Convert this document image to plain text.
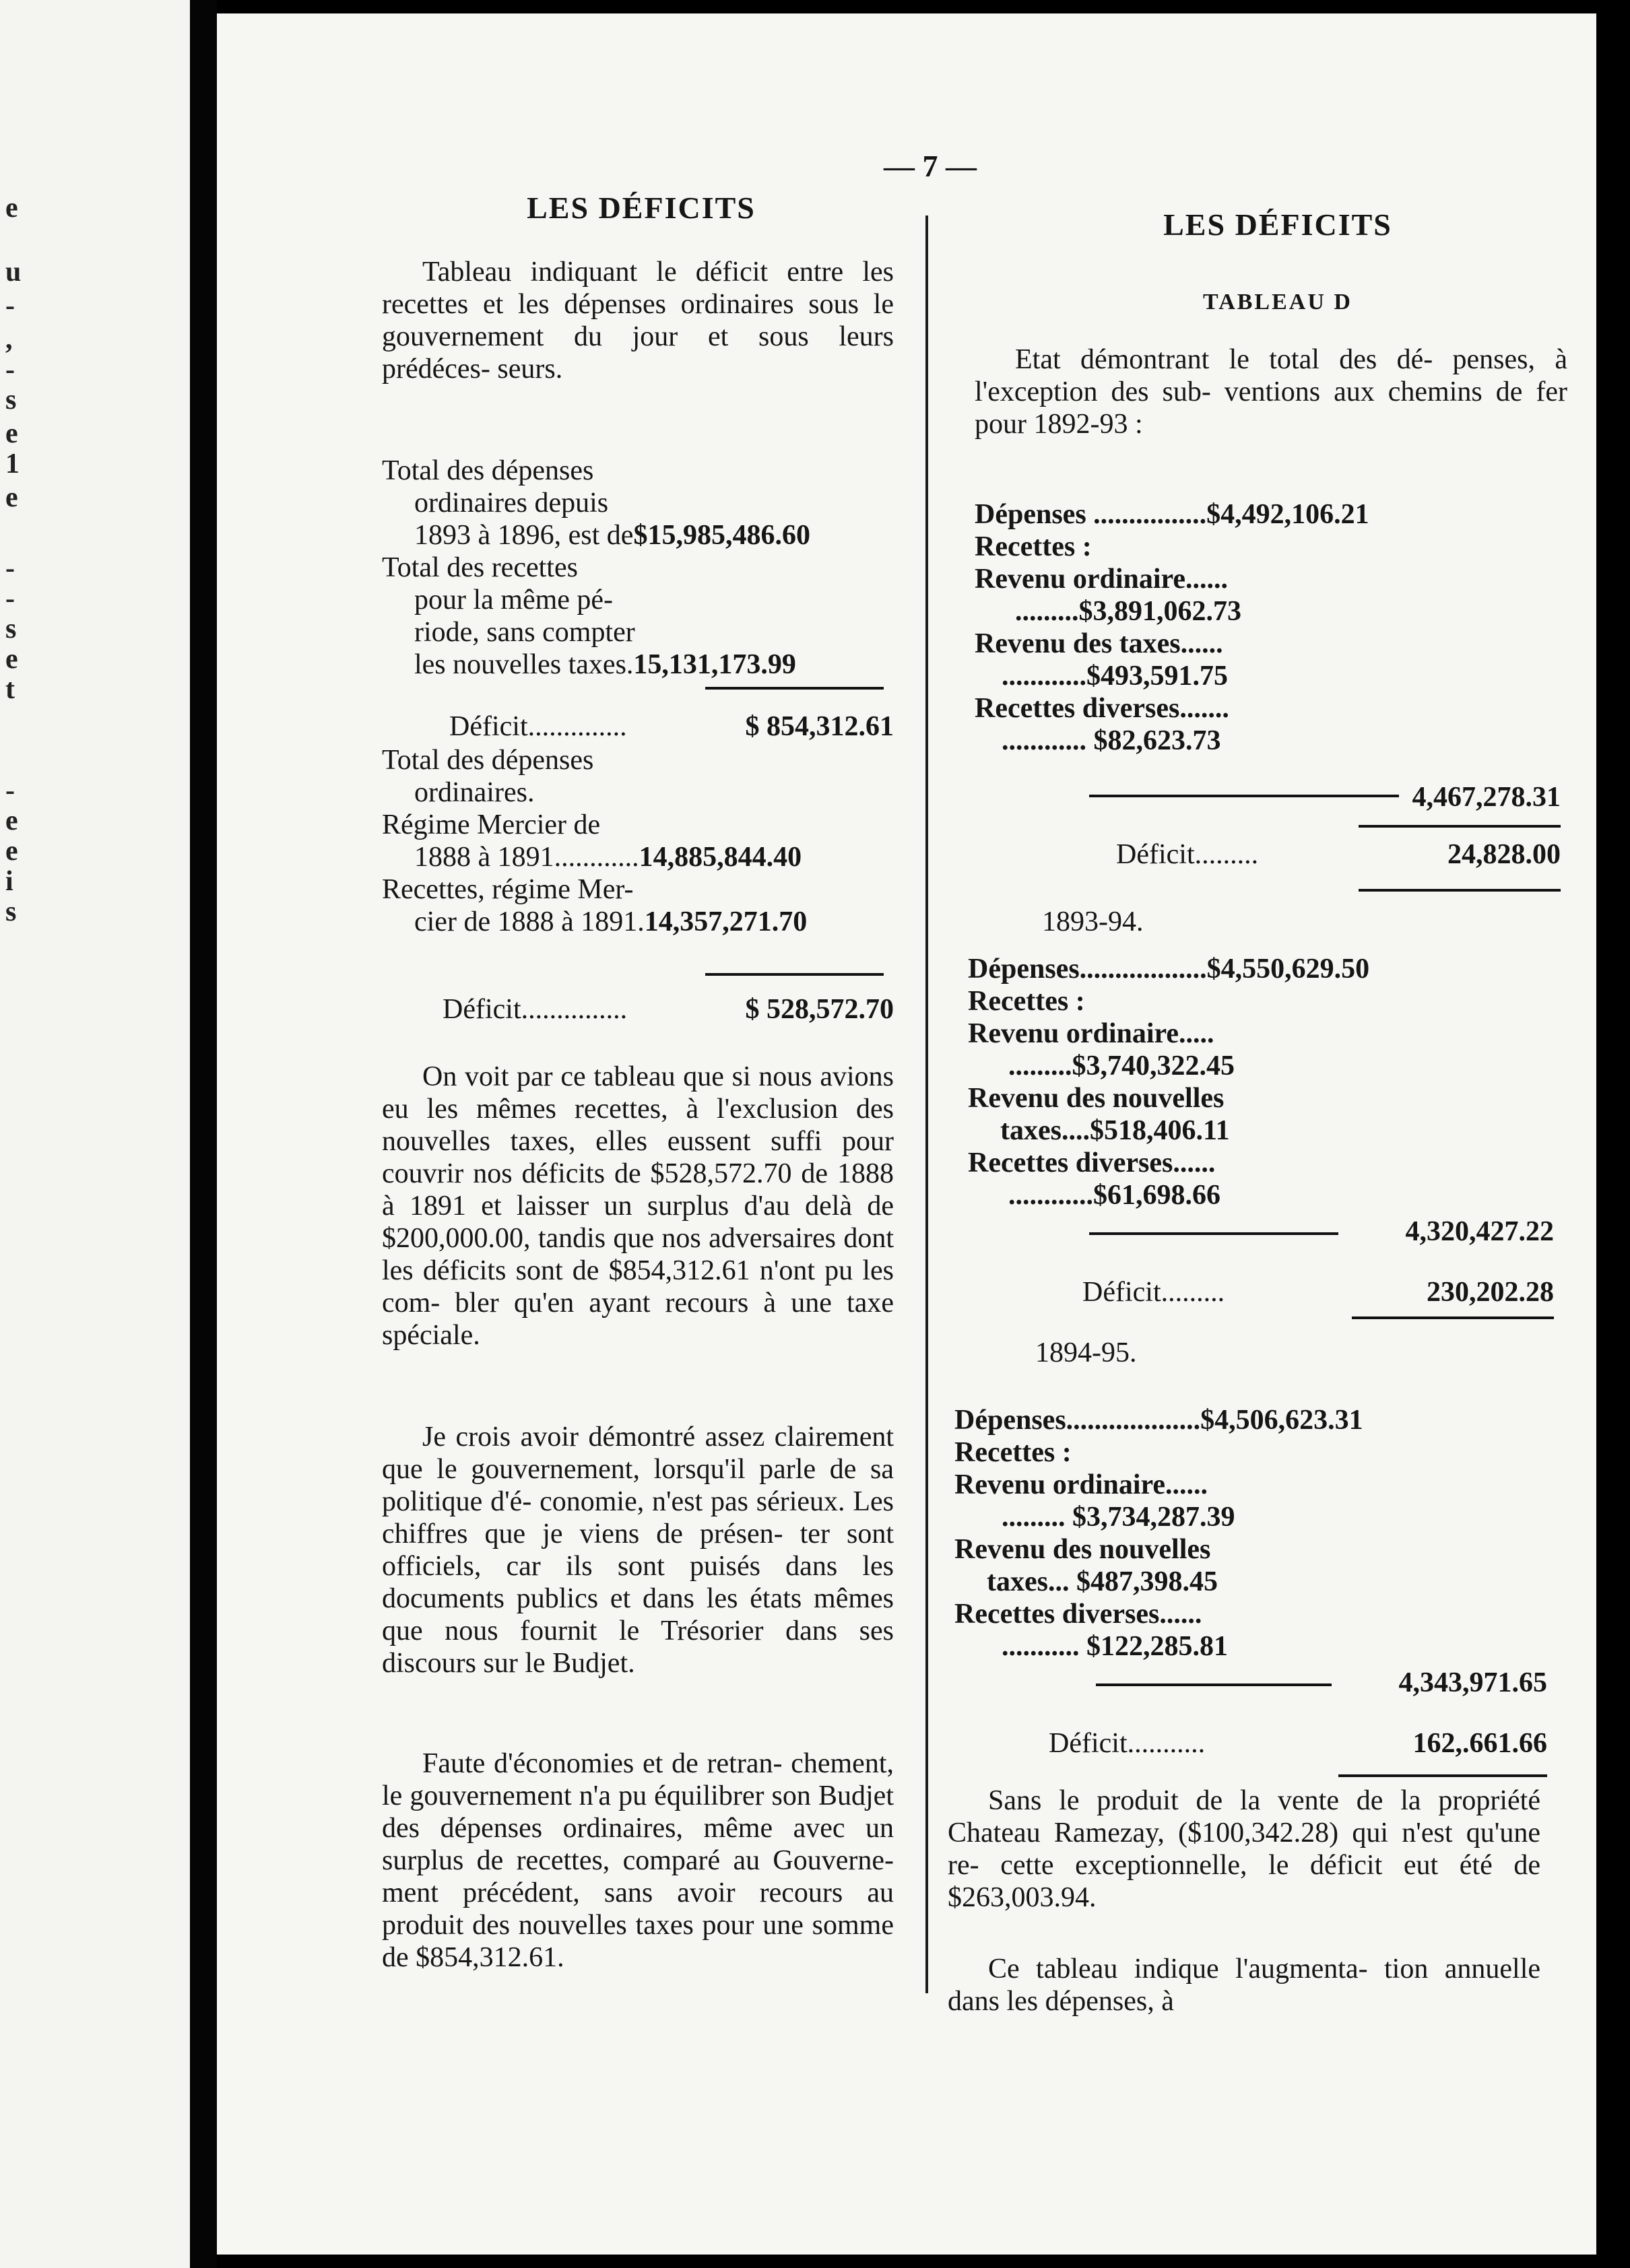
e
u
-
,
-
s
e
1
e
-
-
s
e
t
-
e
e
i
s
— 7 —
LES DÉFICITS

Tableau indiquant le déficit entre les recettes et les dépenses ordinaires sous le gouvernement du jour et sous leurs prédéces- seurs.

Total des dépenses
ordinaires depuis
1893 à 1896, est de $15,985,486.60
Total des recettes
pour la même pé-
riode, sans compter
les nouvelles taxes. 15,131,173.99
Déficit..............	$ 854,312.61
Total des dépenses
ordinaires.
Régime Mercier de
1888 à 1891............ 14,885,844.40
Recettes, régime Mer-
cier de 1888 à 1891. 14,357,271.70
Déficit...............	$ 528,572.70

On voit par ce tableau que si nous avions eu les mêmes recettes, à l'exclusion des nouvelles taxes, elles eussent suffi pour couvrir nos déficits de $528,572.70 de 1888 à 1891 et laisser un surplus d'au delà de $200,000.00, tandis que nos adversaires dont les déficits sont de $854,312.61 n'ont pu les com- bler qu'en ayant recours à une taxe spéciale.

Je crois avoir démontré assez clairement que le gouvernement, lorsqu'il parle de sa politique d'é- conomie, n'est pas sérieux. Les chiffres que je viens de présen- ter sont officiels, car ils sont puisés dans les documents publics et dans les états mêmes que nous fournit le Trésorier dans ses discours sur le Budjet.

Faute d'économies et de retran- chement, le gouvernement n'a pu équilibrer son Budjet des dépenses ordinaires, même avec un surplus de recettes, comparé au Gouverne- ment précédent, sans avoir recours au produit des nouvelles taxes pour une somme de $854,312.61.

LES DÉFICITS
TABLEAU D

Etat démontrant le total des dé- penses, à l'exception des sub- ventions aux chemins de fer pour 1892-93 :

Dépenses ................$4,492,106.21
Recettes :
Revenu ordinaire......
.........$3,891,062.73
Revenu des taxes......
............$493,591.75
Recettes diverses.......
............ $82,623.73
4,467,278.31
Déficit.........	24,828.00
1893-94.
Dépenses..................$4,550,629.50
Recettes :
Revenu ordinaire.....
.........$3,740,322.45
Revenu des nouvelles
taxes....$518,406.11
Recettes diverses......
............$61,698.66
4,320,427.22
Déficit.........	230,202.28
1894-95.
Dépenses...................$4,506,623.31
Recettes :
Revenu ordinaire......
......... $3,734,287.39
Revenu des nouvelles
taxes... $487,398.45
Recettes diverses......
........... $122,285.81
4,343,971.65
Déficit...........	162,.661.66

Sans le produit de la vente de la propriété Chateau Ramezay, ($100,342.28) qui n'est qu'une re- cette exceptionnelle, le déficit eut été de $263,003.94.

Ce tableau indique l'augmenta- tion annuelle dans les dépenses, à
